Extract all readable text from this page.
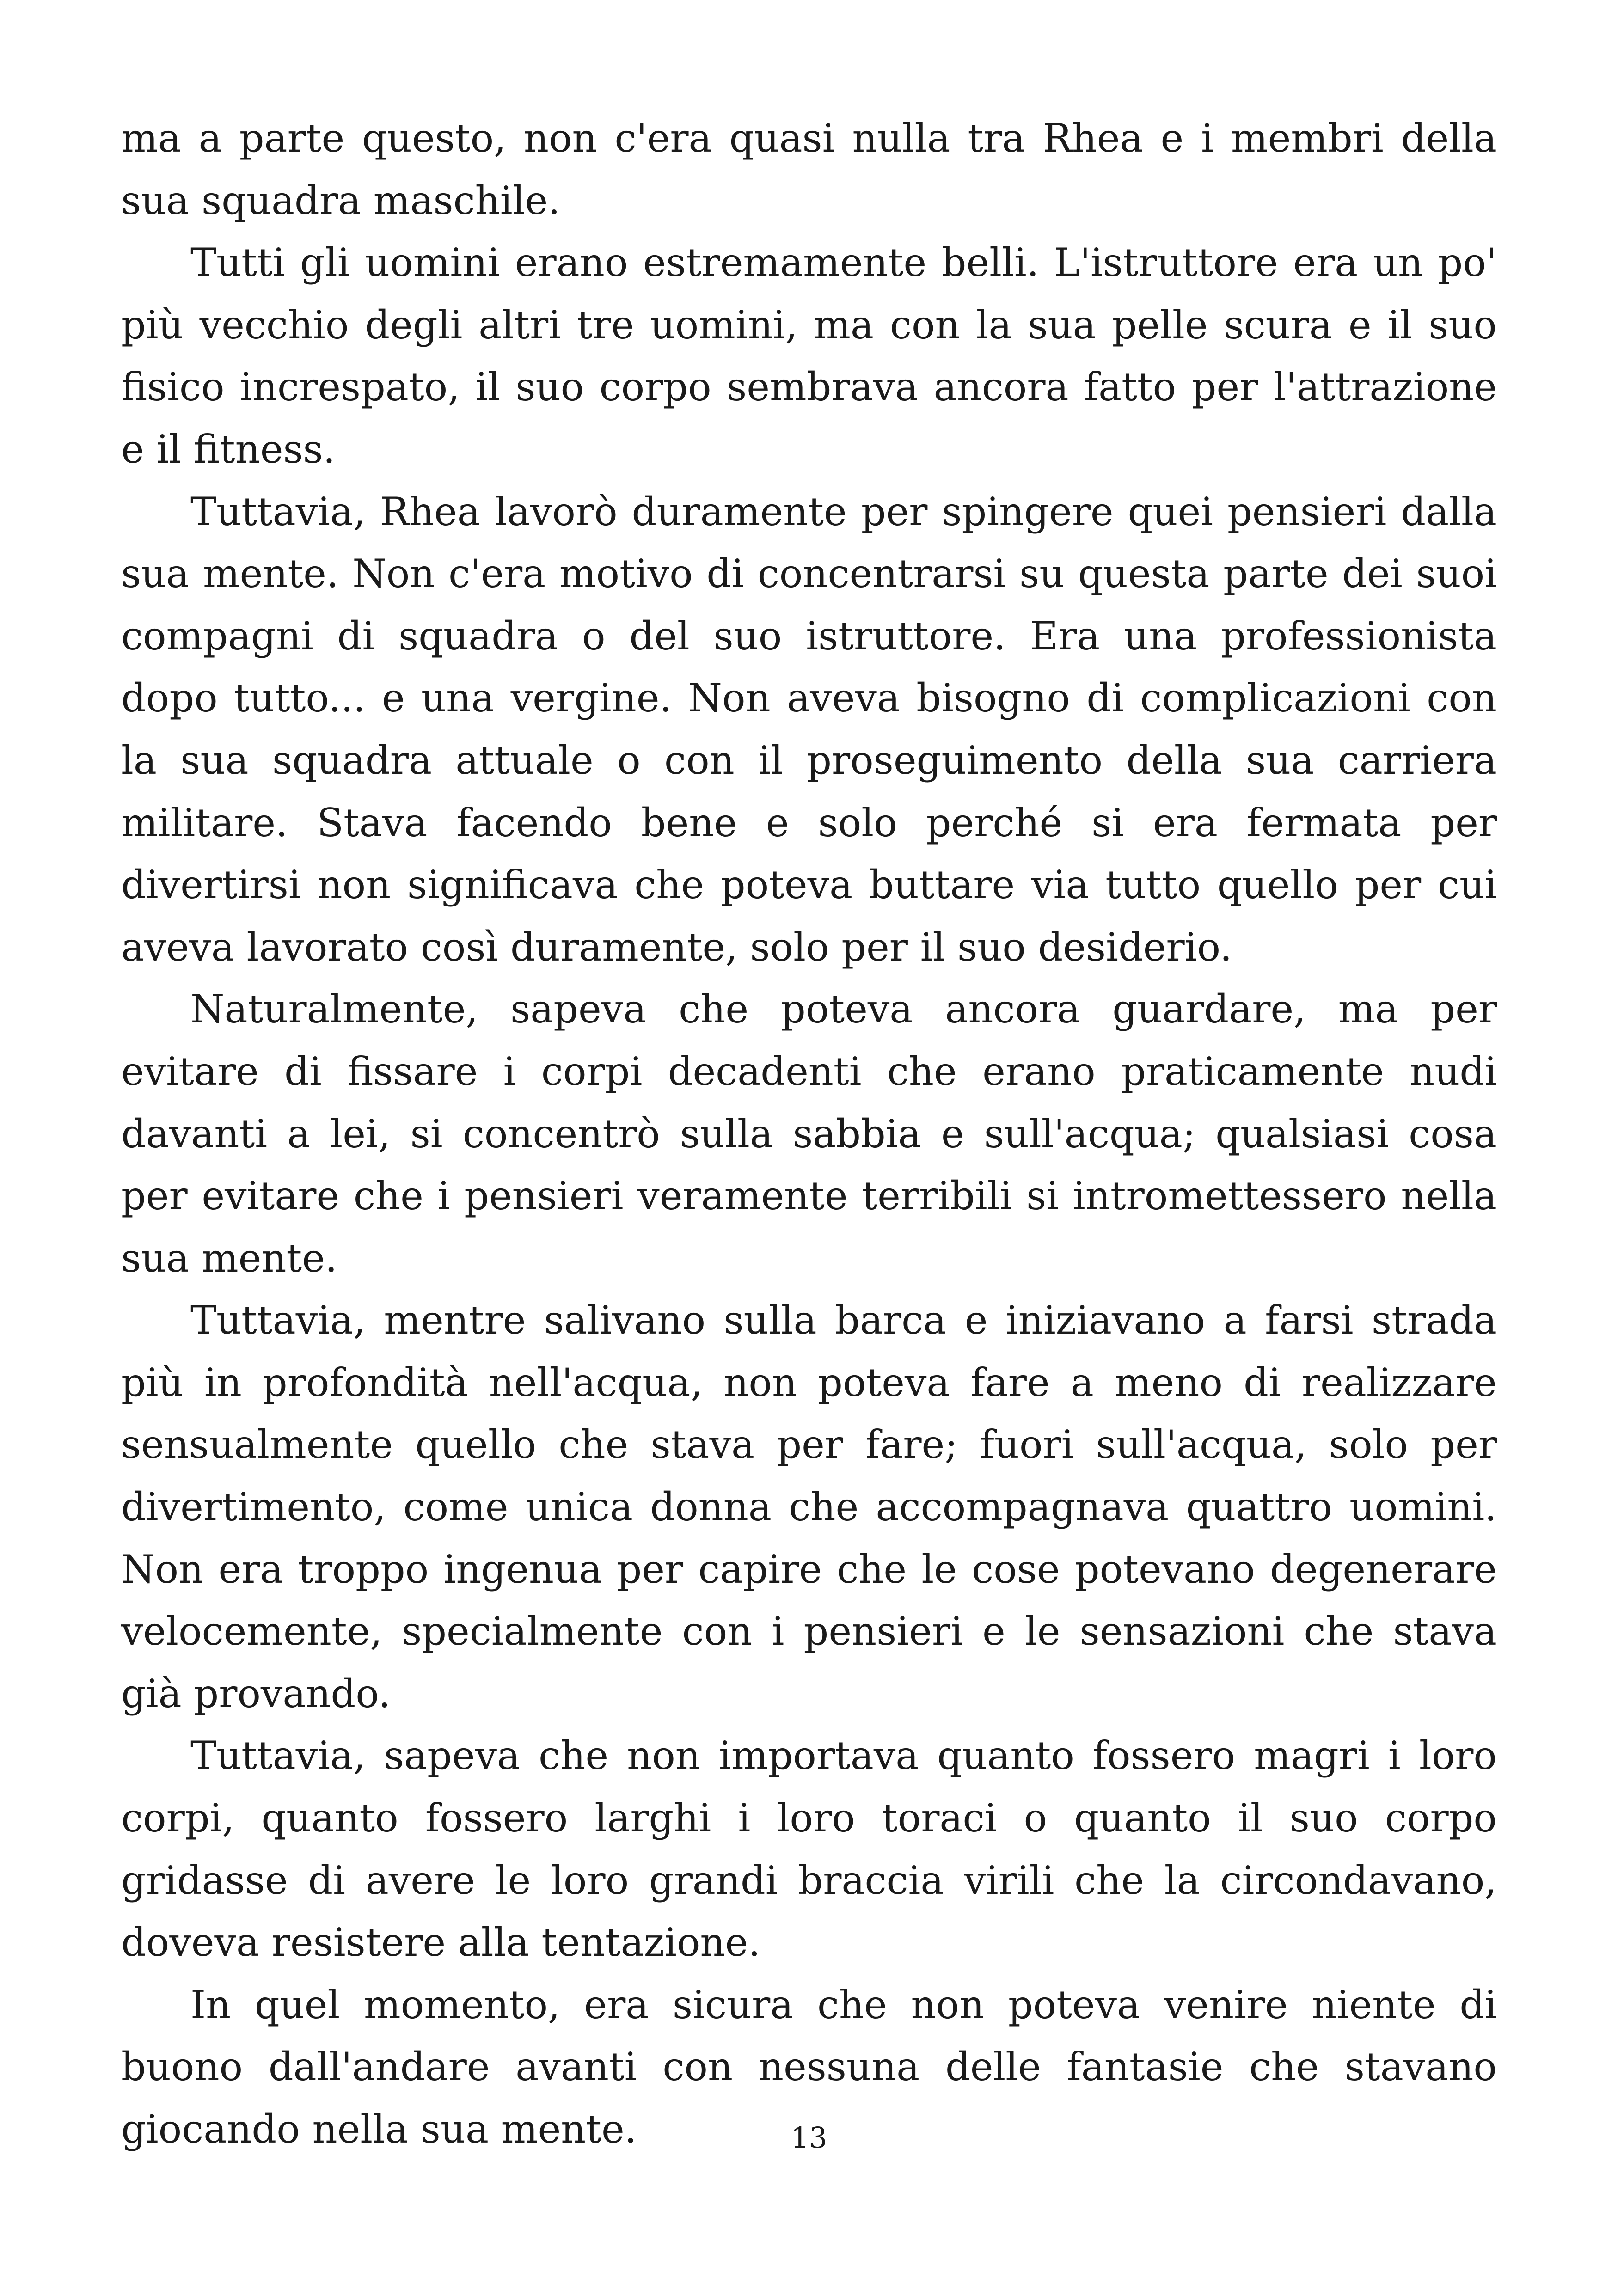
ma a parte questo, non c'era quasi nulla tra Rhea e i membri della sua squadra maschile.

Tutti gli uomini erano estremamente belli. L'istruttore era un po' più vecchio degli altri tre uomini, ma con la sua pelle scura e il suo fisico increspato, il suo corpo sembrava ancora fatto per l'attrazione e il fitness.

Tuttavia, Rhea lavorò duramente per spingere quei pensieri dalla sua mente. Non c'era motivo di concentrarsi su questa parte dei suoi compagni di squadra o del suo istruttore. Era una professionista dopo tutto... e una vergine. Non aveva bisogno di complicazioni con la sua squadra attuale o con il proseguimento della sua carriera militare. Stava facendo bene e solo perché si era fermata per divertirsi non significava che poteva buttare via tutto quello per cui aveva lavorato così duramente, solo per il suo desiderio.

Naturalmente, sapeva che poteva ancora guardare, ma per evitare di fissare i corpi decadenti che erano praticamente nudi davanti a lei, si concentrò sulla sabbia e sull'acqua; qualsiasi cosa per evitare che i pensieri veramente terribili si intromettessero nella sua mente.

Tuttavia, mentre salivano sulla barca e iniziavano a farsi strada più in profondità nell'acqua, non poteva fare a meno di realizzare sensualmente quello che stava per fare; fuori sull'acqua, solo per divertimento, come unica donna che accompagnava quattro uomini. Non era troppo ingenua per capire che le cose potevano degenerare velocemente, specialmente con i pensieri e le sensazioni che stava già provando.

Tuttavia, sapeva che non importava quanto fossero magri i loro corpi, quanto fossero larghi i loro toraci o quanto il suo corpo gridasse di avere le loro grandi braccia virili che la circondavano, doveva resistere alla tentazione.

In quel momento, era sicura che non poteva venire niente di buono dall'andare avanti con nessuna delle fantasie che stavano giocando nella sua mente.	13
